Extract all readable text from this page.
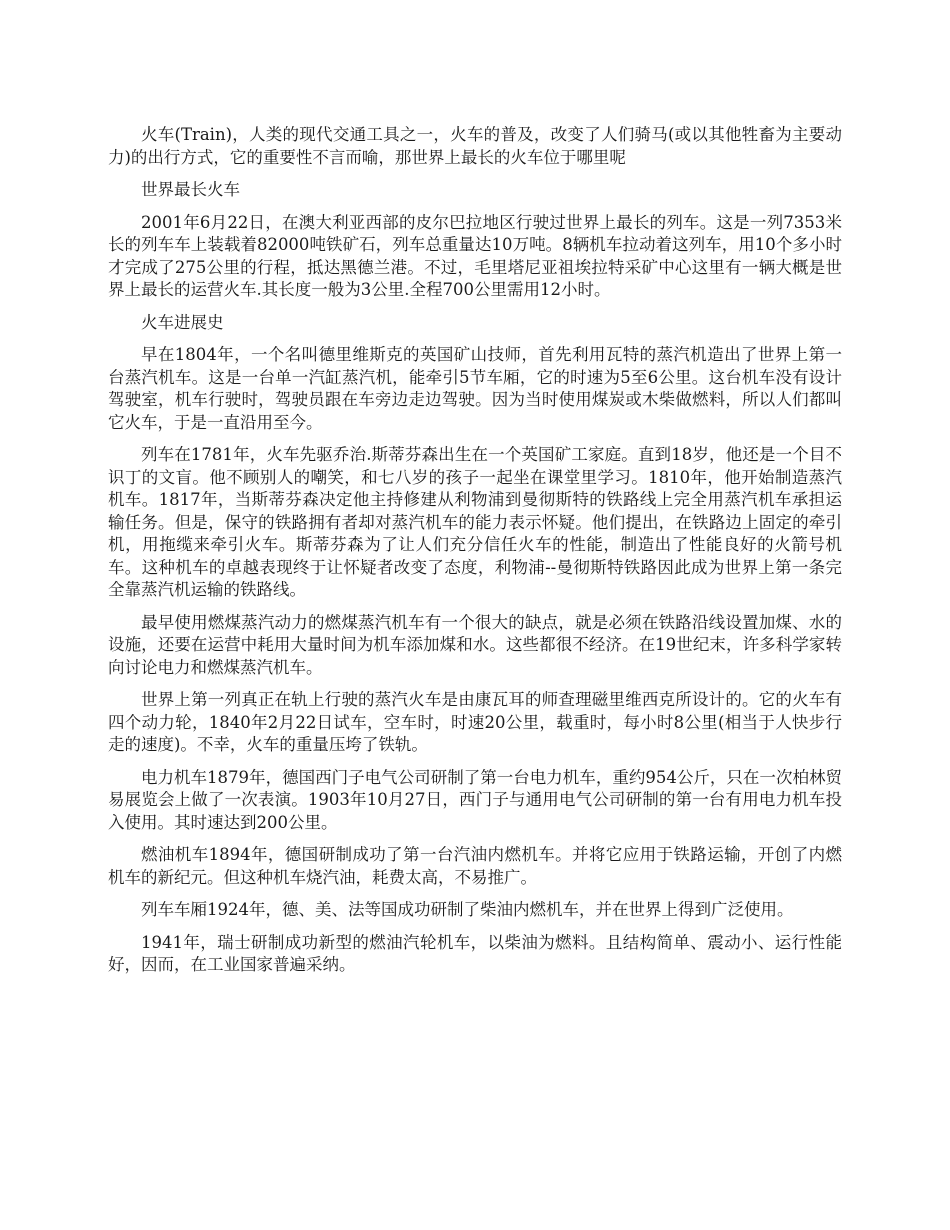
火车(Train)，人类的现代交通工具之一，火车的普及，改变了人们骑马(或以其他牲畜为主要动力)的出行方式，它的重要性不言而喻，那世界上最长的火车位于哪里呢

世界最长火车

2001年6月22日，在澳大利亚西部的皮尔巴拉地区行驶过世界上最长的列车。这是一列7353米长的列车车上装载着82000吨铁矿石，列车总重量达10万吨。8辆机车拉动着这列车，用10个多小时才完成了275公里的行程，抵达黑德兰港。不过，毛里塔尼亚祖埃拉特采矿中心这里有一辆大概是世界上最长的运营火车.其长度一般为3公里.全程700公里需用12小时。

火车进展史

早在1804年，一个名叫德里维斯克的英国矿山技师，首先利用瓦特的蒸汽机造出了世界上第一台蒸汽机车。这是一台单一汽缸蒸汽机，能牵引5节车厢，它的时速为5至6公里。这台机车没有设计驾驶室，机车行驶时，驾驶员跟在车旁边走边驾驶。因为当时使用煤炭或木柴做燃料，所以人们都叫它火车，于是一直沿用至今。

列车在1781年，火车先驱乔治.斯蒂芬森出生在一个英国矿工家庭。直到18岁，他还是一个目不识丁的文盲。他不顾别人的嘲笑，和七八岁的孩子一起坐在课堂里学习。1810年，他开始制造蒸汽机车。1817年，当斯蒂芬森决定他主持修建从利物浦到曼彻斯特的铁路线上完全用蒸汽机车承担运输任务。但是，保守的铁路拥有者却对蒸汽机车的能力表示怀疑。他们提出，在铁路边上固定的牵引机，用拖缆来牵引火车。斯蒂芬森为了让人们充分信任火车的性能，制造出了性能良好的火箭号机车。这种机车的卓越表现终于让怀疑者改变了态度，利物浦--曼彻斯特铁路因此成为世界上第一条完全靠蒸汽机运输的铁路线。

最早使用燃煤蒸汽动力的燃煤蒸汽机车有一个很大的缺点，就是必须在铁路沿线设置加煤、水的设施，还要在运营中耗用大量时间为机车添加煤和水。这些都很不经济。在19世纪末，许多科学家转向讨论电力和燃煤蒸汽机车。

世界上第一列真正在轨上行驶的蒸汽火车是由康瓦耳的师查理磁里维西克所设计的。它的火车有四个动力轮，1840年2月22日试车，空车时，时速20公里，载重时，每小时8公里(相当于人快步行走的速度)。不幸，火车的重量压垮了铁轨。

电力机车1879年，德国西门子电气公司研制了第一台电力机车，重约954公斤，只在一次柏林贸易展览会上做了一次表演。1903年10月27日，西门子与通用电气公司研制的第一台有用电力机车投入使用。其时速达到200公里。

燃油机车1894年，德国研制成功了第一台汽油内燃机车。并将它应用于铁路运输，开创了内燃机车的新纪元。但这种机车烧汽油，耗费太高，不易推广。

列车车厢1924年，德、美、法等国成功研制了柴油内燃机车，并在世界上得到广泛使用。

1941年，瑞士研制成功新型的燃油汽轮机车，以柴油为燃料。且结构简单、震动小、运行性能好，因而，在工业国家普遍采纳。
